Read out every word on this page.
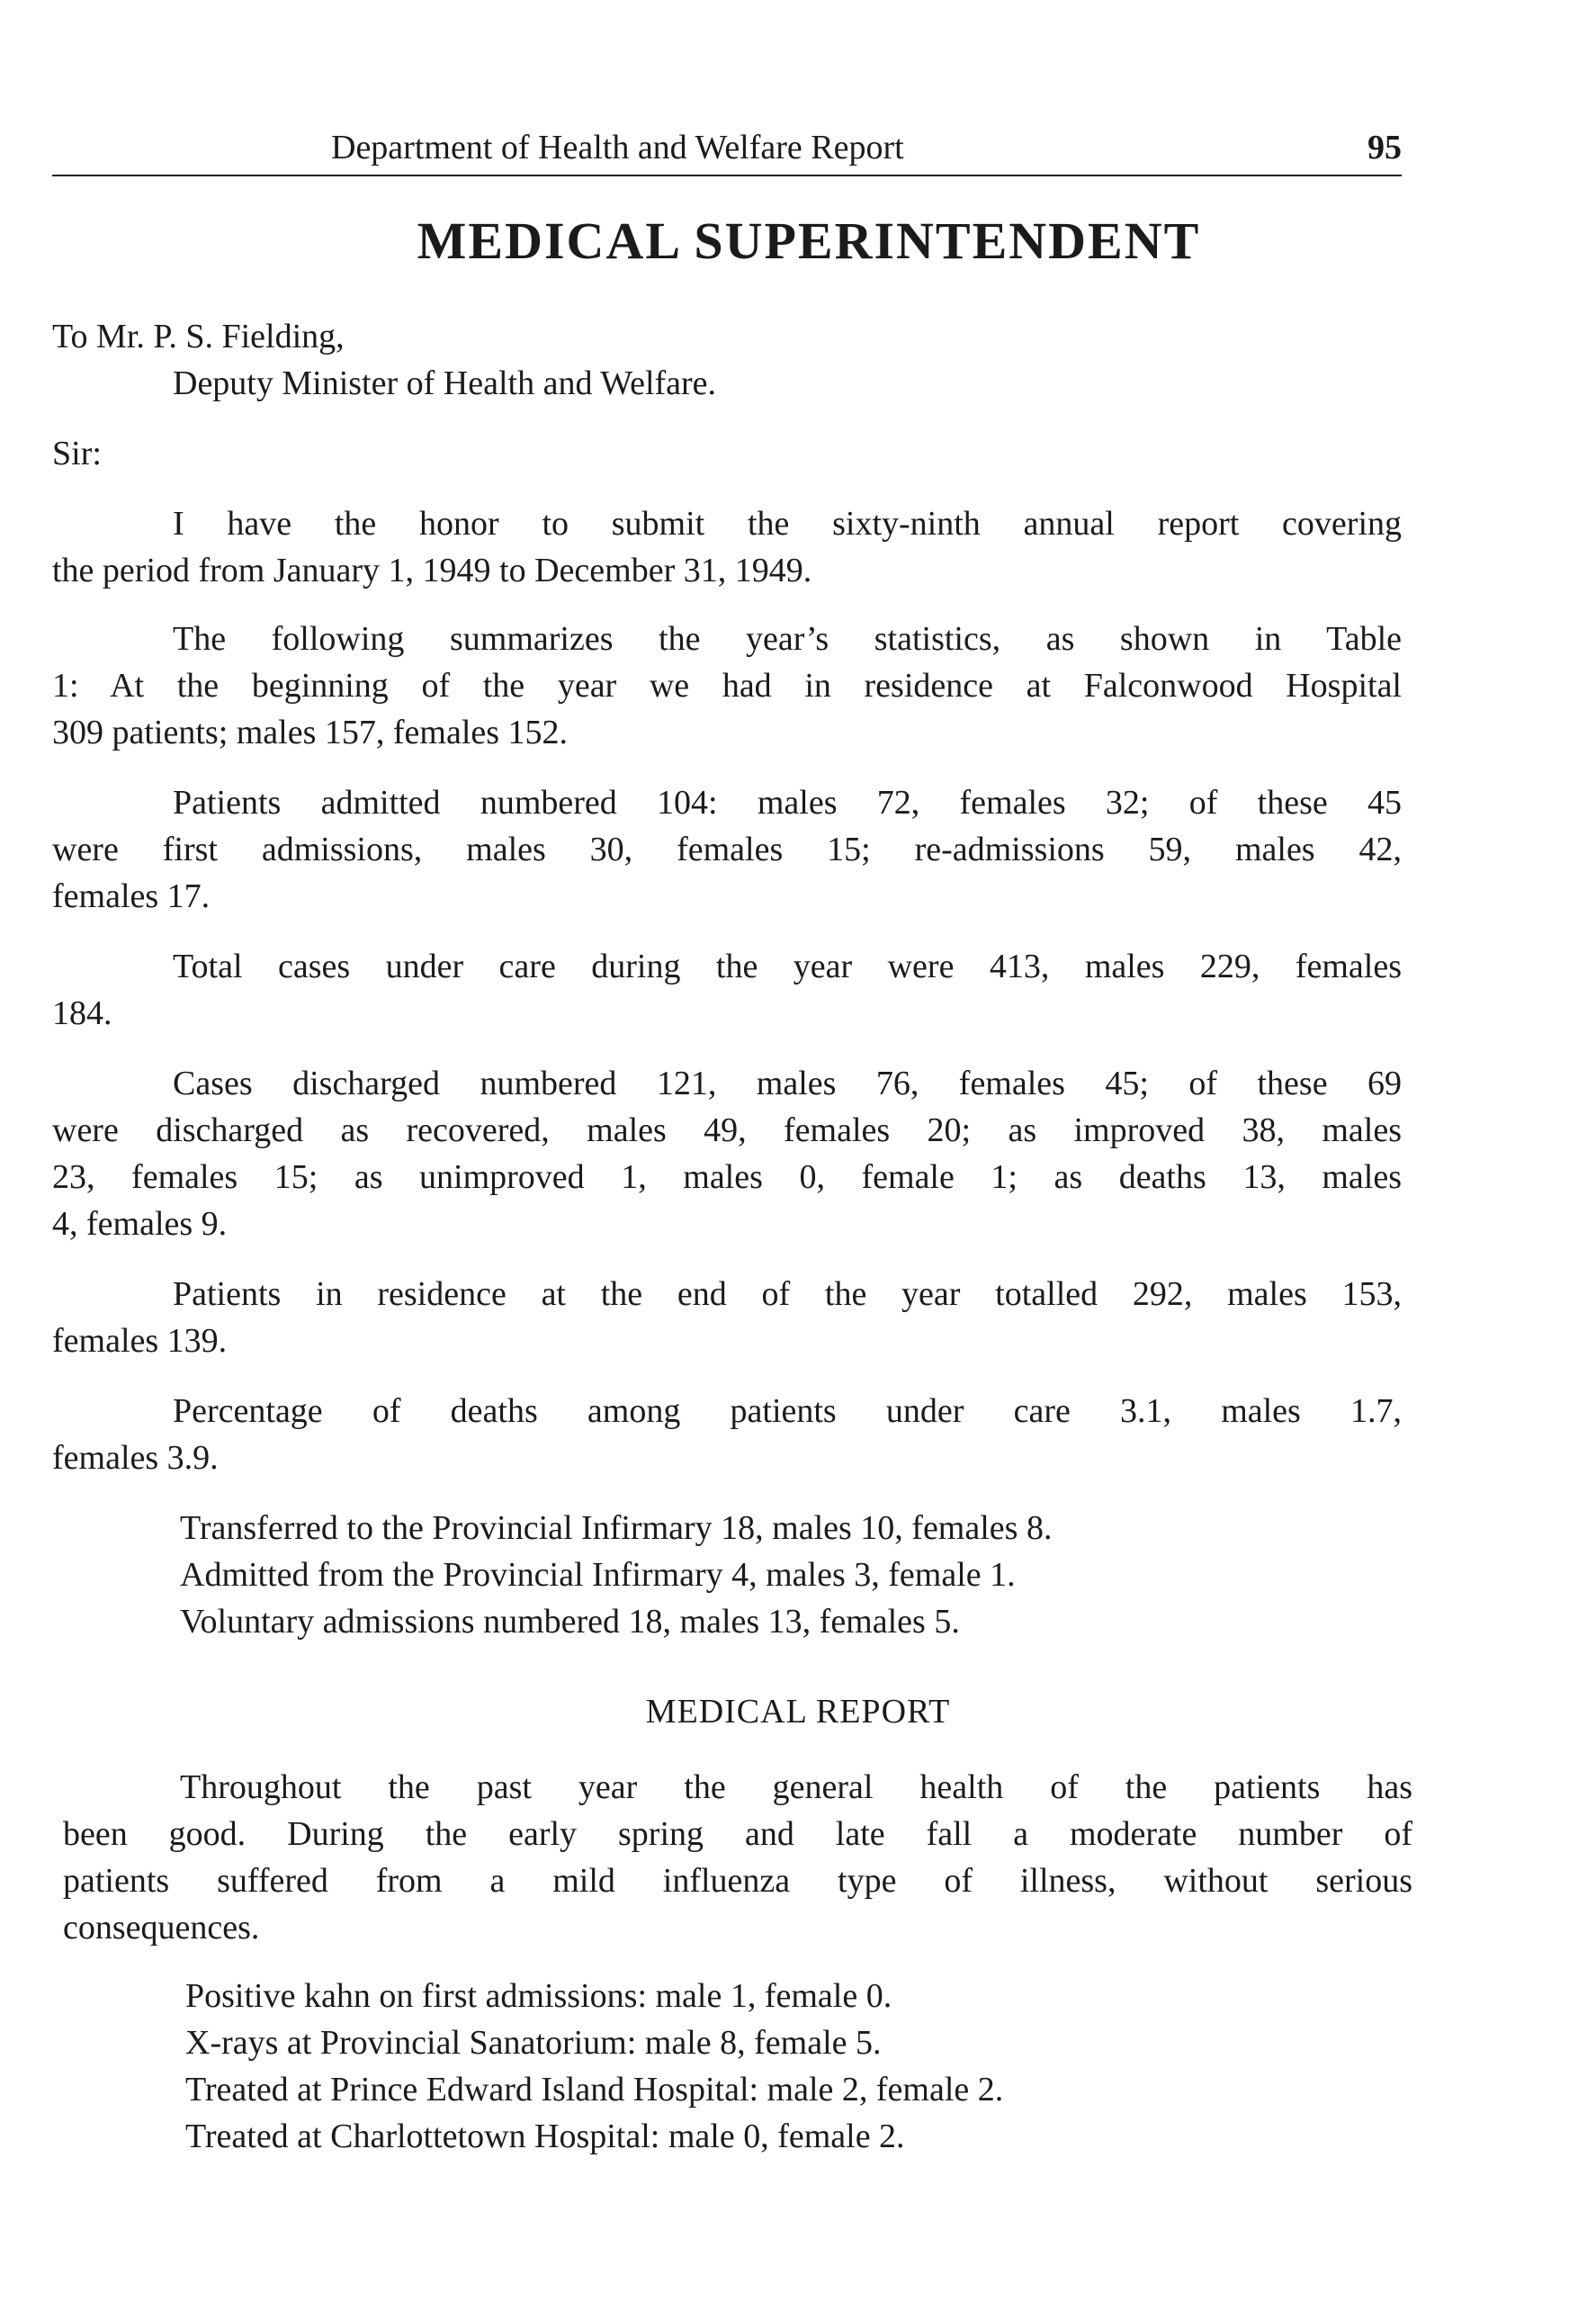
Department of Health and Welfare Report	95
MEDICAL SUPERINTENDENT
To Mr. P. S. Fielding,
Deputy Minister of Health and Welfare.
Sir:
I have the honor to submit the sixty-ninth annual report covering
the period from January 1, 1949 to December 31, 1949.
The following summarizes the year’s statistics, as shown in Table
1: At the beginning of the year we had in residence at Falconwood Hospital
309 patients; males 157, females 152.
Patients admitted numbered 104: males 72, females 32; of these 45
were first admissions, males 30, females 15; re-admissions 59, males 42,
females 17.
Total cases under care during the year were 413, males 229, females
184.
Cases discharged numbered 121, males 76, females 45; of these 69
were discharged as recovered, males 49, females 20; as improved 38, males
23, females 15; as unimproved 1, males 0, female 1; as deaths 13, males
4, females 9.
Patients in residence at the end of the year totalled 292, males 153,
females 139.
Percentage of deaths among patients under care 3.1, males 1.7,
females 3.9.
Transferred to the Provincial Infirmary 18, males 10, females 8.
Admitted from the Provincial Infirmary 4, males 3, female 1.
Voluntary admissions numbered 18, males 13, females 5.
MEDICAL REPORT
Throughout the past year the general health of the patients has
been good. During the early spring and late fall a moderate number of
patients suffered from a mild influenza type of illness, without serious
consequences.
Positive kahn on first admissions: male 1, female 0.
X-rays at Provincial Sanatorium: male 8, female 5.
Treated at Prince Edward Island Hospital: male 2, female 2.
Treated at Charlottetown Hospital: male 0, female 2.
